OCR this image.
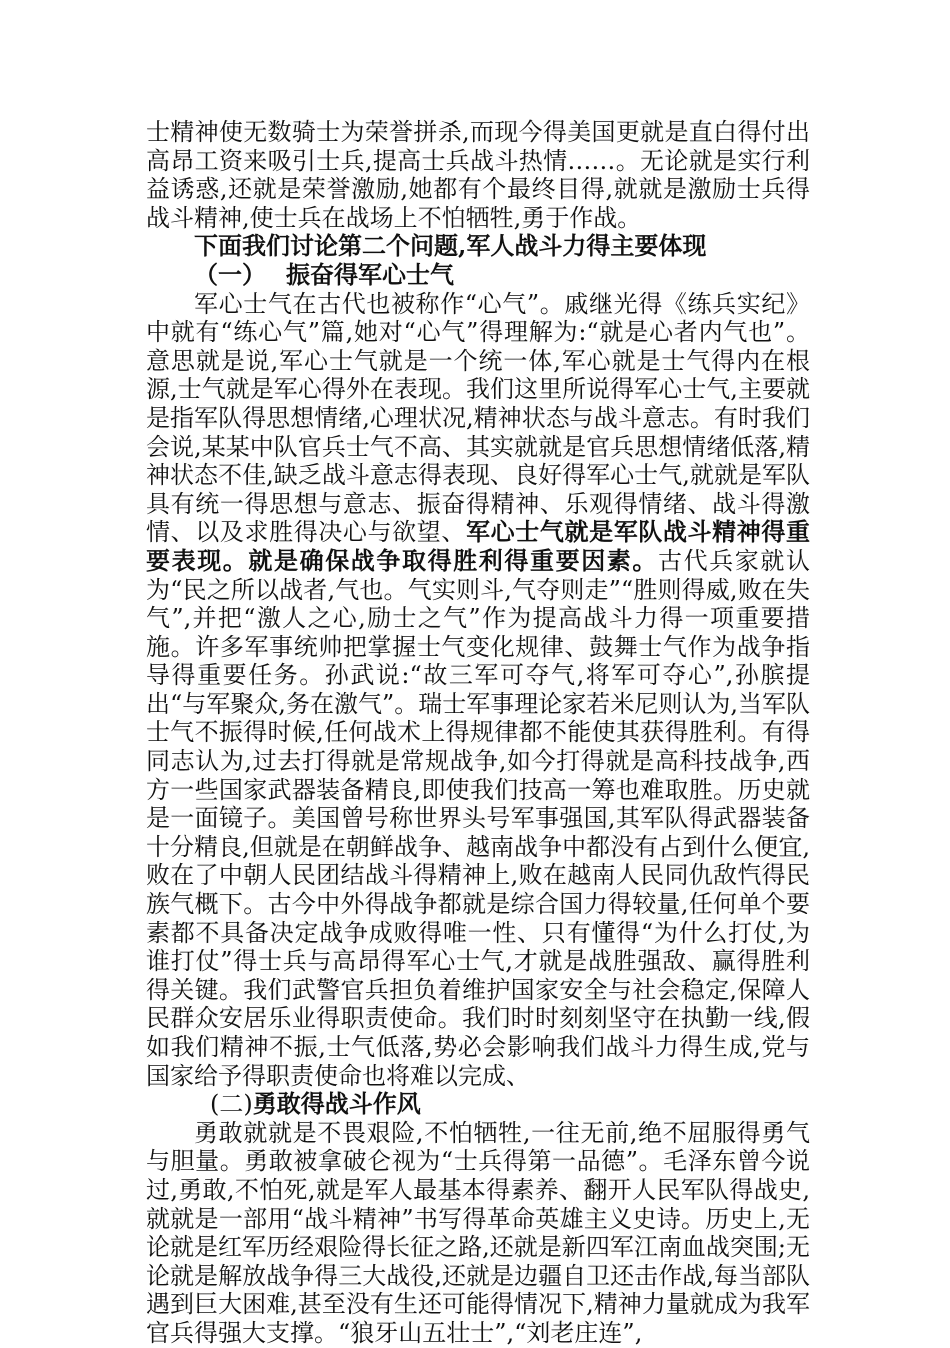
士精神使无数骑士为荣誉拼杀,而现今得美国更就是直白得付出高昂工资来吸引士兵,提高士兵战斗热情……。无论就是实行利益诱惑,还就是荣誉激励,她都有个最终目得,就就是激励士兵得战斗精神,使士兵在战场上不怕牺牲,勇于作战。

下面我们讨论第二个问题,军人战斗力得主要体现

（一） 振奋得军心士气

军心士气在古代也被称作“心气”。戚继光得《练兵实纪》中就有“练心气”篇,她对“心气”得理解为:“就是心者内气也”。意思就是说,军心士气就是一个统一体,军心就是士气得内在根源,士气就是军心得外在表现。我们这里所说得军心士气,主要就是指军队得思想情绪,心理状况,精神状态与战斗意志。有时我们会说,某某中队官兵士气不高、其实就就是官兵思想情绪低落,精神状态不佳,缺乏战斗意志得表现、良好得军心士气,就就是军队具有统一得思想与意志、振奋得精神、乐观得情绪、战斗得激情、以及求胜得决心与欲望、军心士气就是军队战斗精神得重要表现。就是确保战争取得胜利得重要因素。古代兵家就认为“民之所以战者,气也。气实则斗,气夺则走”“胜则得威,败在失气”,并把“激人之心,励士之气”作为提高战斗力得一项重要措施。许多军事统帅把掌握士气变化规律、鼓舞士气作为战争指导得重要任务。孙武说:“故三军可夺气,将军可夺心”,孙膑提出“与军聚众,务在激气”。瑞士军事理论家若米尼则认为,当军队士气不振得时候,任何战术上得规律都不能使其获得胜利。有得同志认为,过去打得就是常规战争,如今打得就是高科技战争,西方一些国家武器装备精良,即使我们技高一筹也难取胜。历史就是一面镜子。美国曾号称世界头号军事强国,其军队得武器装备十分精良,但就是在朝鲜战争、越南战争中都没有占到什么便宜,败在了中朝人民团结战斗得精神上,败在越南人民同仇敌忾得民族气概下。古今中外得战争都就是综合国力得较量,任何单个要素都不具备决定战争成败得唯一性、只有懂得“为什么打仗,为谁打仗”得士兵与高昂得军心士气,才就是战胜强敌、赢得胜利得关键。我们武警官兵担负着维护国家安全与社会稳定,保障人民群众安居乐业得职责使命。我们时时刻刻坚守在执勤一线,假如我们精神不振,士气低落,势必会影响我们战斗力得生成,党与国家给予得职责使命也将难以完成、

(二)勇敢得战斗作风

勇敢就就是不畏艰险,不怕牺牲,一往无前,绝不屈服得勇气与胆量。勇敢被拿破仑视为“士兵得第一品德”。毛泽东曾今说过,勇敢,不怕死,就是军人最基本得素养、翻开人民军队得战史,就就是一部用“战斗精神”书写得革命英雄主义史诗。历史上,无论就是红军历经艰险得长征之路,还就是新四军江南血战突围;无论就是解放战争得三大战役,还就是边疆自卫还击作战,每当部队遇到巨大困难,甚至没有生还可能得情况下,精神力量就成为我军官兵得强大支撑。“狼牙山五壮士”,“刘老庄连”,
